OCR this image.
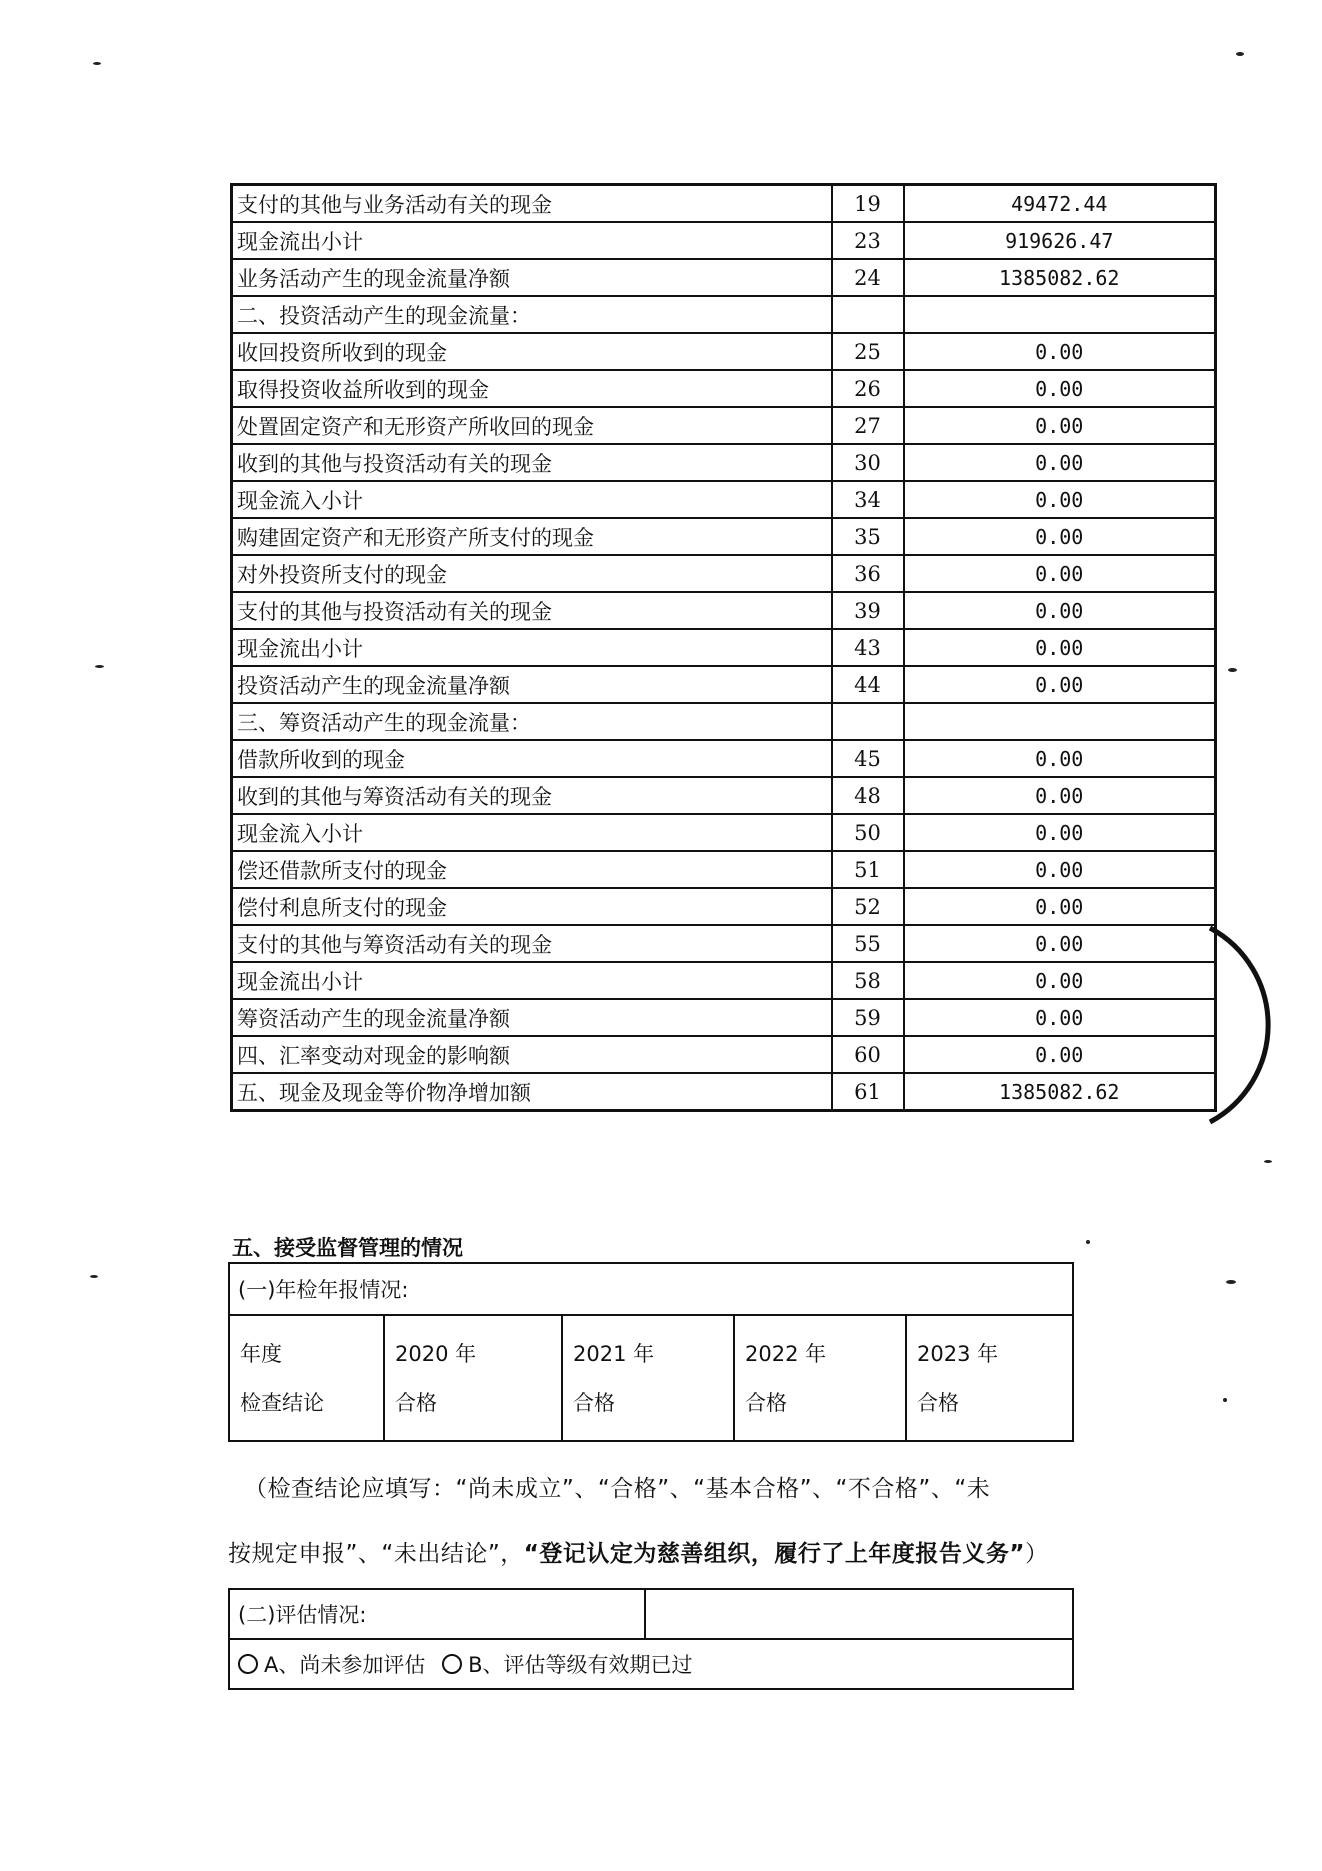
支付的其他与业务活动有关的现金	19	49472.44
现金流出小计	23	919626.47
业务活动产生的现金流量净额	24	1385082.62
二、投资活动产生的现金流量：		
收回投资所收到的现金	25	0.00
取得投资收益所收到的现金	26	0.00
处置固定资产和无形资产所收回的现金	27	0.00
收到的其他与投资活动有关的现金	30	0.00
现金流入小计	34	0.00
购建固定资产和无形资产所支付的现金	35	0.00
对外投资所支付的现金	36	0.00
支付的其他与投资活动有关的现金	39	0.00
现金流出小计	43	0.00
投资活动产生的现金流量净额	44	0.00
三、筹资活动产生的现金流量：		
借款所收到的现金	45	0.00
收到的其他与筹资活动有关的现金	48	0.00
现金流入小计	50	0.00
偿还借款所支付的现金	51	0.00
偿付利息所支付的现金	52	0.00
支付的其他与筹资活动有关的现金	55	0.00
现金流出小计	58	0.00
筹资活动产生的现金流量净额	59	0.00
四、汇率变动对现金的影响额	60	0.00
五、现金及现金等价物净增加额	61	1385082.62
五、接受监督管理的情况
(一)年检年报情况:				
年度	2020 年	2021 年	2022 年	2023 年
检查结论	合格	合格	合格	合格
（检查结论应填写：“尚未成立”、“合格”、“基本合格”、“不合格”、“未
按规定申报”、“未出结论”，“登记认定为慈善组织，履行了上年度报告义务”）
(二)评估情况:	
A、尚未参加评估 B、评估等级有效期已过
